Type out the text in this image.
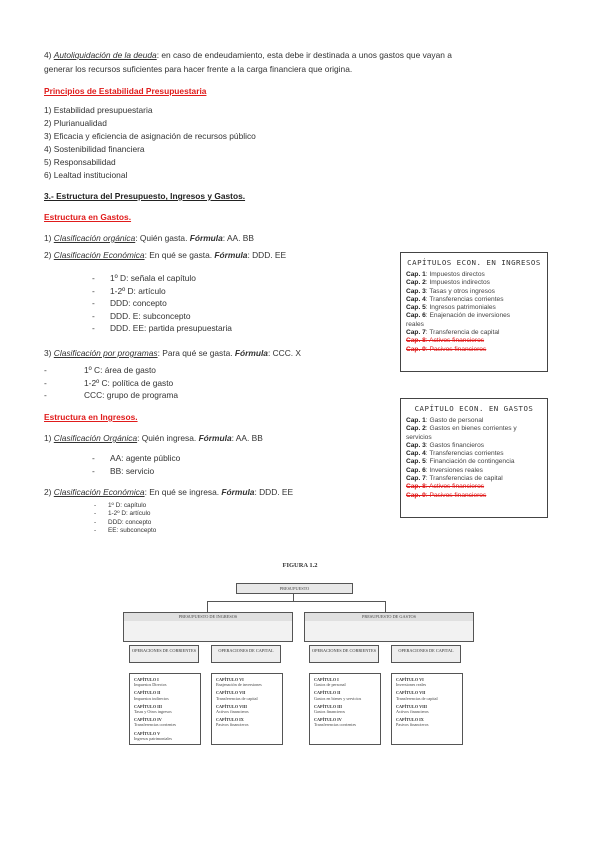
4) Autoliquidación de la deuda: en caso de endeudamiento, esta debe ir destinada a unos gastos que vayan a
generar los recursos suficientes para hacer frente a la carga financiera que origina.
Principios de Estabilidad Presupuestaria
1) Estabilidad presupuestaria
2) Plurianualidad
3) Eficacia y eficiencia de asignación de recursos público
4) Sostenibilidad financiera
5) Responsabilidad
6) Lealtad institucional
3.- Estructura del Presupuesto, Ingresos y Gastos.
Estructura en Gastos.
1) Clasificación orgánica: Quién gasta. Fórmula: AA. BB
2) Clasificación Económica: En qué se gasta. Fórmula: DDD. EE
- 1º D: señala el capítulo
- 1-2º D: artículo
- DDD: concepto
- DDD. E: subconcepto
- DDD. EE: partida presupuestaria
3) Clasificación por programas: Para qué se gasta. Fórmula: CCC. X
-	1º C: área de gasto
-	1-2º C: política de gasto
-	CCC: grupo de programa
Estructura en Ingresos.
1) Clasificación Orgánica: Quién ingresa. Fórmula: AA. BB
- AA: agente público
- BB: servicio
2) Clasificación Económica: En qué se ingresa. Fórmula: DDD. EE
- 1º D: capítulo
- 1-2º D: artículo
- DDD: concepto
- EE: subconcepto
CAPÍTULOS ECON. EN INGRESOS
Cap. 1: Impuestos directos
Cap. 2: Impuestos indirectos
Cap. 3: Tasas y otros ingresos
Cap. 4: Transferencias corrientes
Cap. 5: Ingresos patrimoniales
Cap. 6: Enajenación de inversiones
reales
Cap. 7: Transferencia de capital
Cap. 8: Activos financieros
Cap. 9: Pasivos financieros
CAPÍTULO ECON. EN GASTOS
Cap. 1: Gasto de personal
Cap. 2: Gastos en bienes corrientes y
servicios
Cap. 3: Gastos financieros
Cap. 4: Transferencias corrientes
Cap. 5: Financiación de contingencia
Cap. 6: Inversiones reales
Cap. 7: Transferencias de capital
Cap. 8: Activos financieros
Cap. 9: Pasivos financieros
FIGURA 1.2
PRESUPUESTO
PRESUPUESTO DE INGRESOS	PRESUPUESTO DE GASTOS
OPERACIONES DE CORRIENTES	OPERACIONES DE CAPITAL	OPERACIONES DE CORRIENTES	OPERACIONES DE CAPITAL
CAPÍTULO I
Impuestos Directos
CAPÍTULO II
Impuestos indirectos
CAPÍTULO III
Tasas y Otros ingresos
CAPÍTULO IV
Transferencias corrientes
CAPÍTULO V
Ingresos patrimoniales
CAPÍTULO VI
Enajenación de inversiones
CAPÍTULO VII
Transferencias de capital
CAPÍTULO VIII
Activos financieros
CAPÍTULO IX
Pasivos financieros
CAPÍTULO I
Gastos de personal
CAPÍTULO II
Gastos en bienes y servicios
CAPÍTULO III
Gastos financieros
CAPÍTULO IV
Transferencias corrientes
CAPÍTULO VI
Inversiones reales
CAPÍTULO VII
Transferencias de capital
CAPÍTULO VIII
Activos financieros
CAPÍTULO IX
Pasivos financieros
